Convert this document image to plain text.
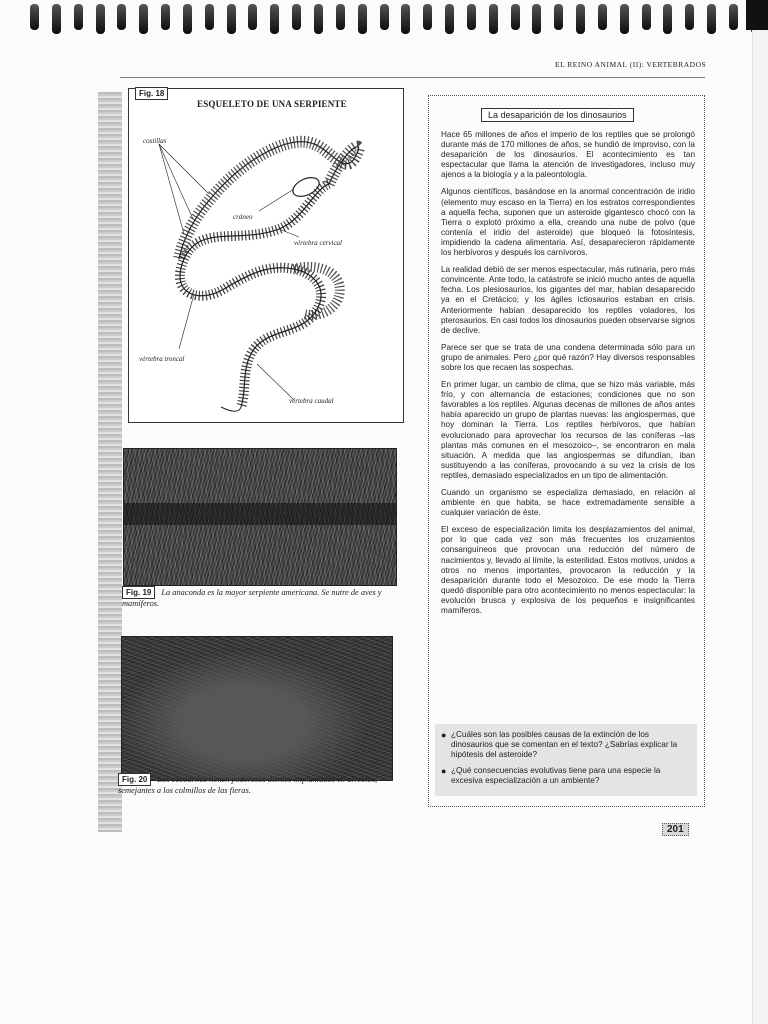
EL REINO ANIMAL (II): VERTEBRADOS
Fig. 18
ESQUELETO DE UNA SERPIENTE
costillas
cráneo
vértebra cervical
vértebra troncal
vértebra caudal
Fig. 19 La anaconda es la mayor serpiente americana. Se nutre de aves y mamíferos.
Fig. 20 Los cocodrilos tienen poderosos dientes implantados en alveolos, semejantes a los colmillos de las fieras.
La desaparición de los dinosaurios

Hace 65 millones de años el imperio de los reptiles que se prolongó durante más de 170 millones de años, se hundió de improviso, con la desaparición de los dinosaurios. El acontecimiento es tan espectacular que llama la atención de investigadores, incluso muy ajenos a la biología y a la paleontología.

Algunos científicos, basándose en la anormal concentración de iridio (elemento muy escaso en la Tierra) en los estratos correspondientes a aquella fecha, suponen que un asteroide gigantesco chocó con la Tierra o explotó próximo a ella, creando una nube de polvo (que contenía el iridio del asteroide) que bloqueó la fotosíntesis, impidiendo la cadena alimentaria. Así, desaparecieron rápidamente los herbívoros y después los carnívoros.

La realidad debió de ser menos espectacular, más rutinaria, pero más convincente. Ante todo, la catástrofe se inició mucho antes de aquella fecha. Los plesiosaurios, los gigantes del mar, habían desaparecido ya en el Cretácico; y los ágiles ictiosaurios estaban en crisis. Anteriormente habían desaparecido los reptiles voladores, los pterosaurios. En casi todos los dinosaurios pueden observarse signos de declive.

Parece ser que se trata de una condena determinada sólo para un grupo de animales. Pero ¿por qué razón? Hay diversos responsables sobre los que recaen las sospechas.

En primer lugar, un cambio de clima, que se hizo más variable, más frío, y con alternancia de estaciones; condiciones que no son favorables a los reptiles. Algunas decenas de millones de años antes había aparecido un grupo de plantas nuevas: las angiospermas, que hoy dominan la Tierra. Los reptiles herbívoros, que habían evolucionado para aprovechar los recursos de las coníferas –las plantas más comunes en el mesozoico–, se encontraron en mala situación. A medida que las angiospermas se difundían, iban sustituyendo a las coníferas, provocando a su vez la crisis de los reptiles, demasiado especializados en un tipo de alimentación.

Cuando un organismo se especializa demasiado, en relación al ambiente en que habita, se hace extremadamente sensible a cualquier variación de éste.

El exceso de especialización limita los desplazamientos del animal, por lo que cada vez son más frecuentes los cruzamientos consanguíneos que provocan una reducción del número de nacimientos y, llevado al límite, la esterilidad. Estos motivos, unidos a otros no menos importantes, provocaron la reducción y la desaparición durante todo el Mesozoico. De ese modo la Tierra quedó disponible para otro acontecimiento no menos espectacular: la evolución brusca y explosiva de los pequeños e insignificantes mamíferos.

● ¿Cuáles son las posibles causas de la extinción de los dinosaurios que se comentan en el texto? ¿Sabrías explicar la hipótesis del asteroide?
● ¿Qué consecuencias evolutivas tiene para una especie la excesiva especialización a un ambiente?
201
